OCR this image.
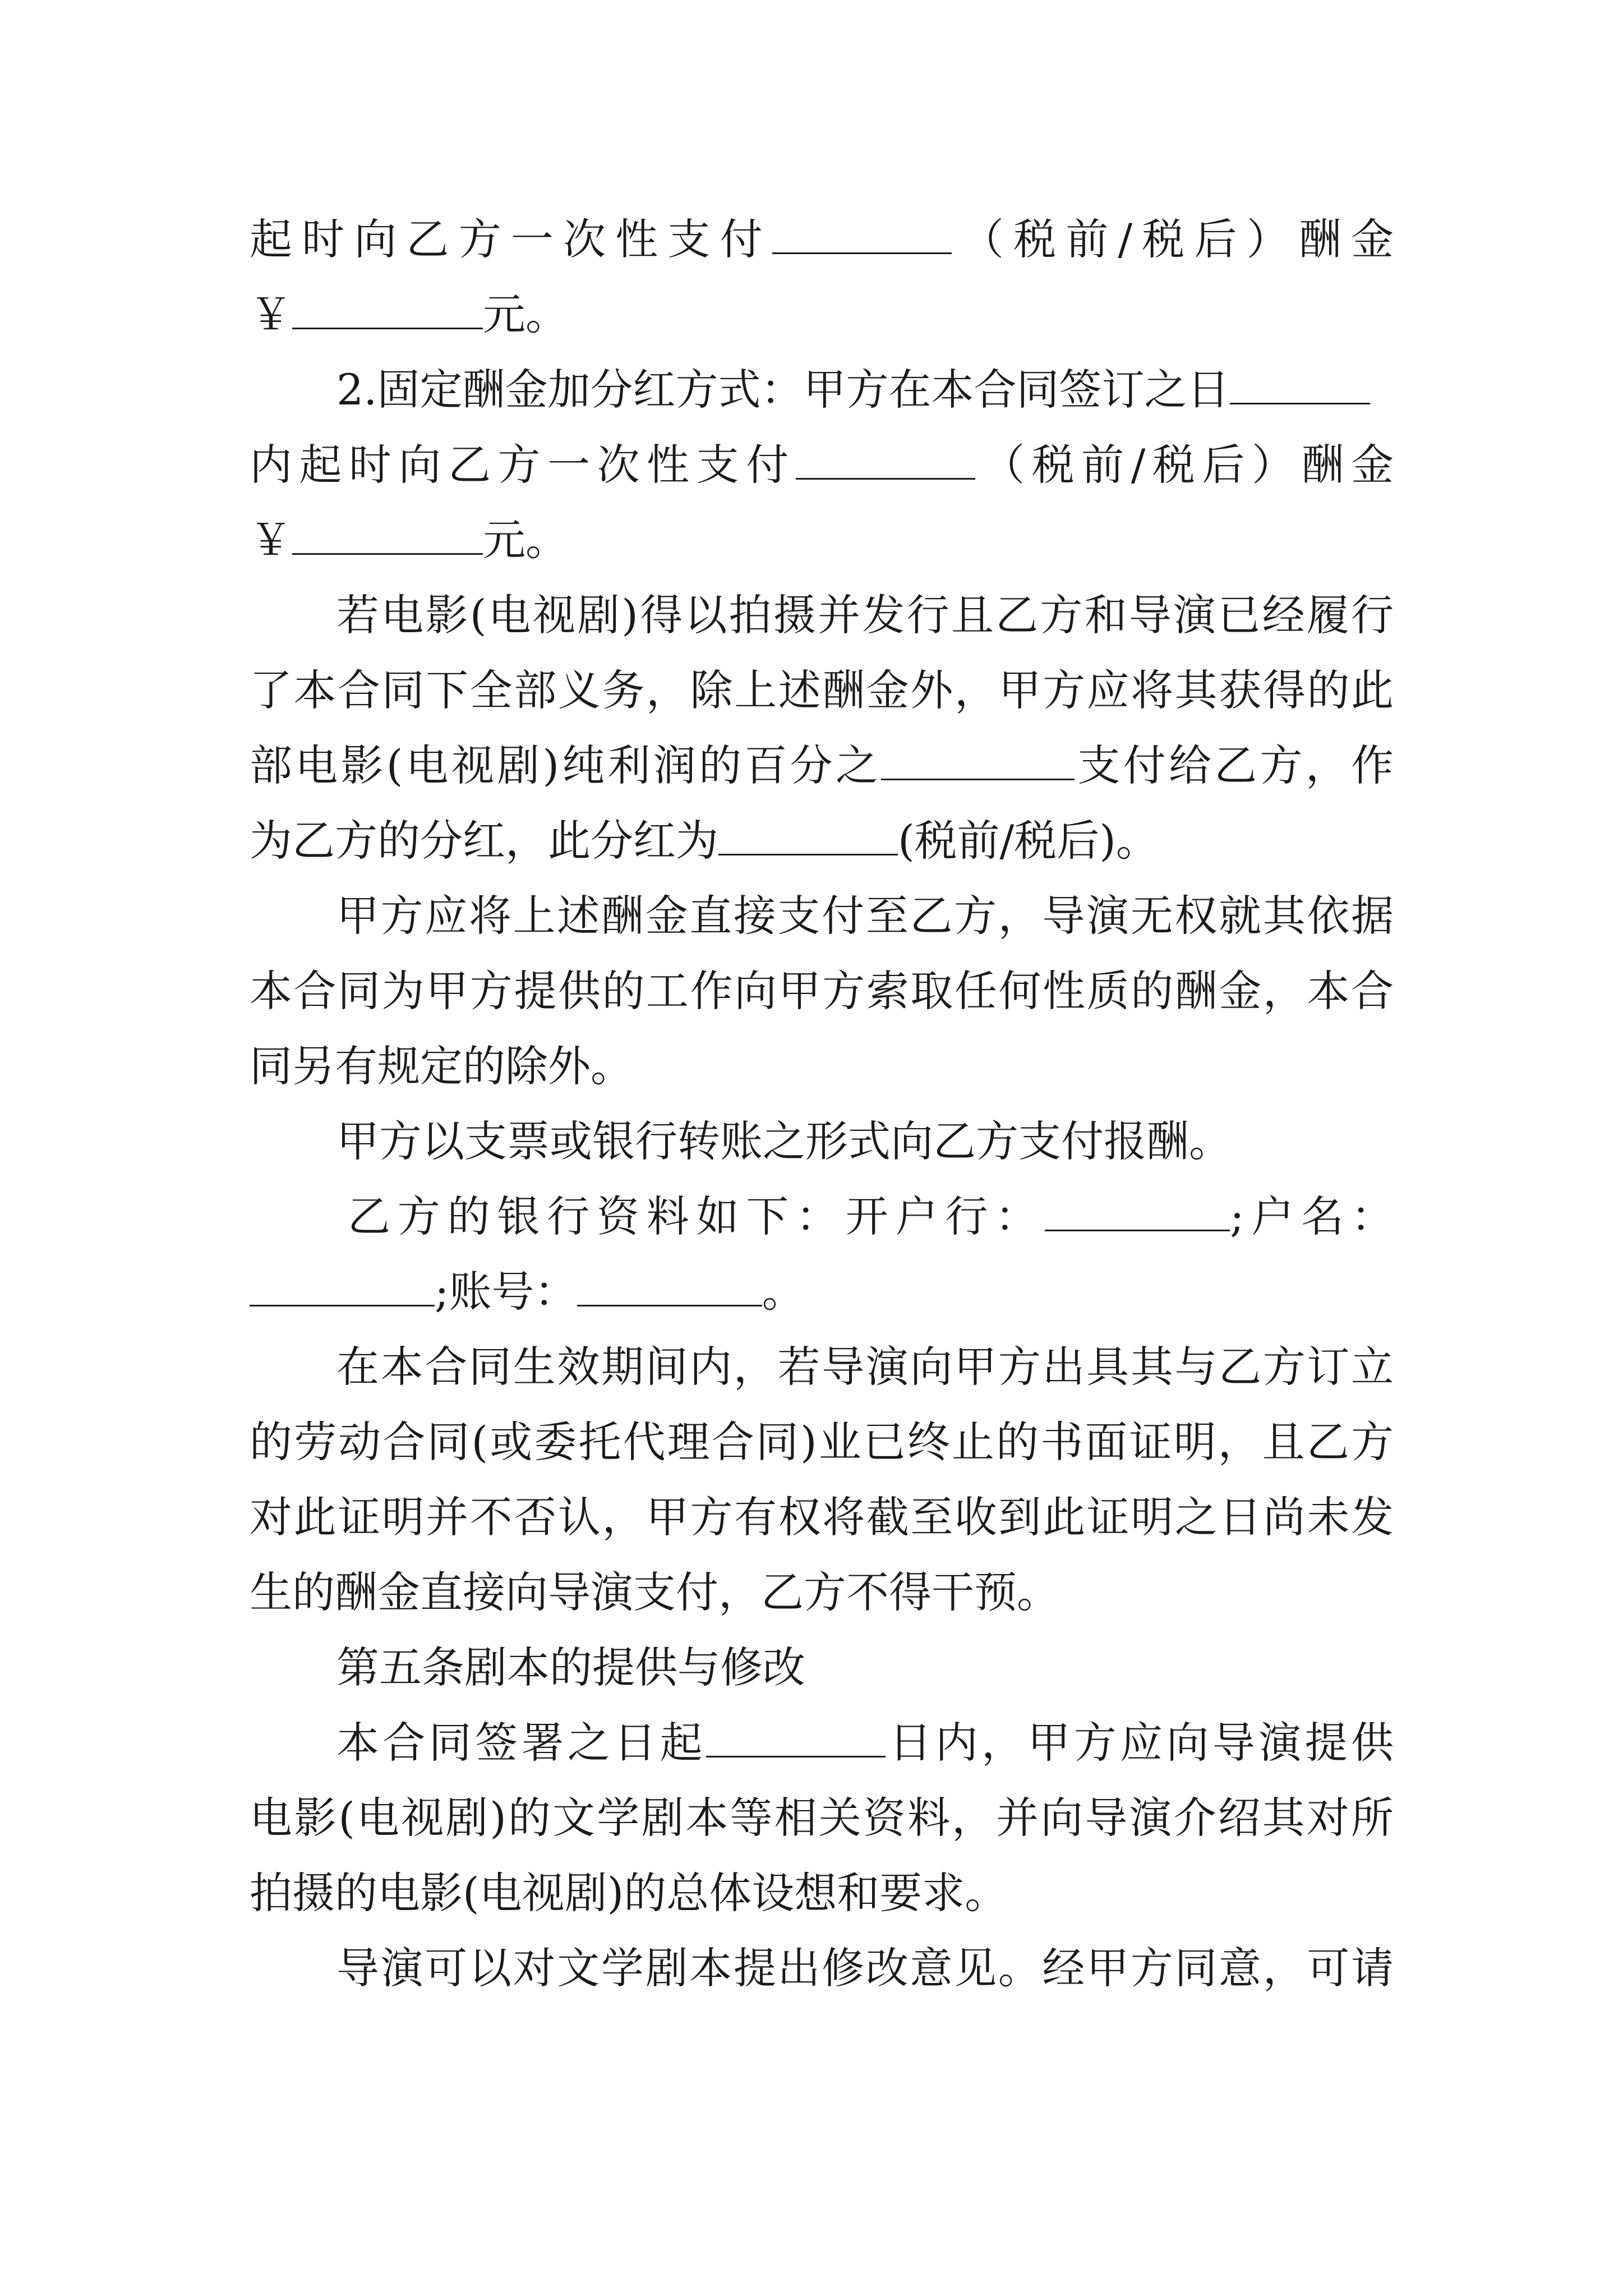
起时向乙方一次性支付	（税前/税后）酬金
￥	元。
2.固定酬金加分红方式：甲方在本合同签订之日
内起时向乙方一次性支付	（税前/税后）酬金
￥	元。
若电影(电视剧)得以拍摄并发行且乙方和导演已经履行
了本合同下全部义务，除上述酬金外，甲方应将其获得的此
部电影(电视剧)纯利润的百分之	支付给乙方，作
为乙方的分红，此分红为	(税前/税后)。
甲方应将上述酬金直接支付至乙方，导演无权就其依据
本合同为甲方提供的工作向甲方索取任何性质的酬金，本合
同另有规定的除外。
甲方以支票或银行转账之形式向乙方支付报酬。
乙方的银行资料如下：开户行：	;户名：
;账号：	。
在本合同生效期间内，若导演向甲方出具其与乙方订立
的劳动合同(或委托代理合同)业已终止的书面证明，且乙方
对此证明并不否认，甲方有权将截至收到此证明之日尚未发
生的酬金直接向导演支付，乙方不得干预。
第五条剧本的提供与修改
本合同签署之日起	日内，甲方应向导演提供
电影(电视剧)的文学剧本等相关资料，并向导演介绍其对所
拍摄的电影(电视剧)的总体设想和要求。
导演可以对文学剧本提出修改意见。经甲方同意，可请
